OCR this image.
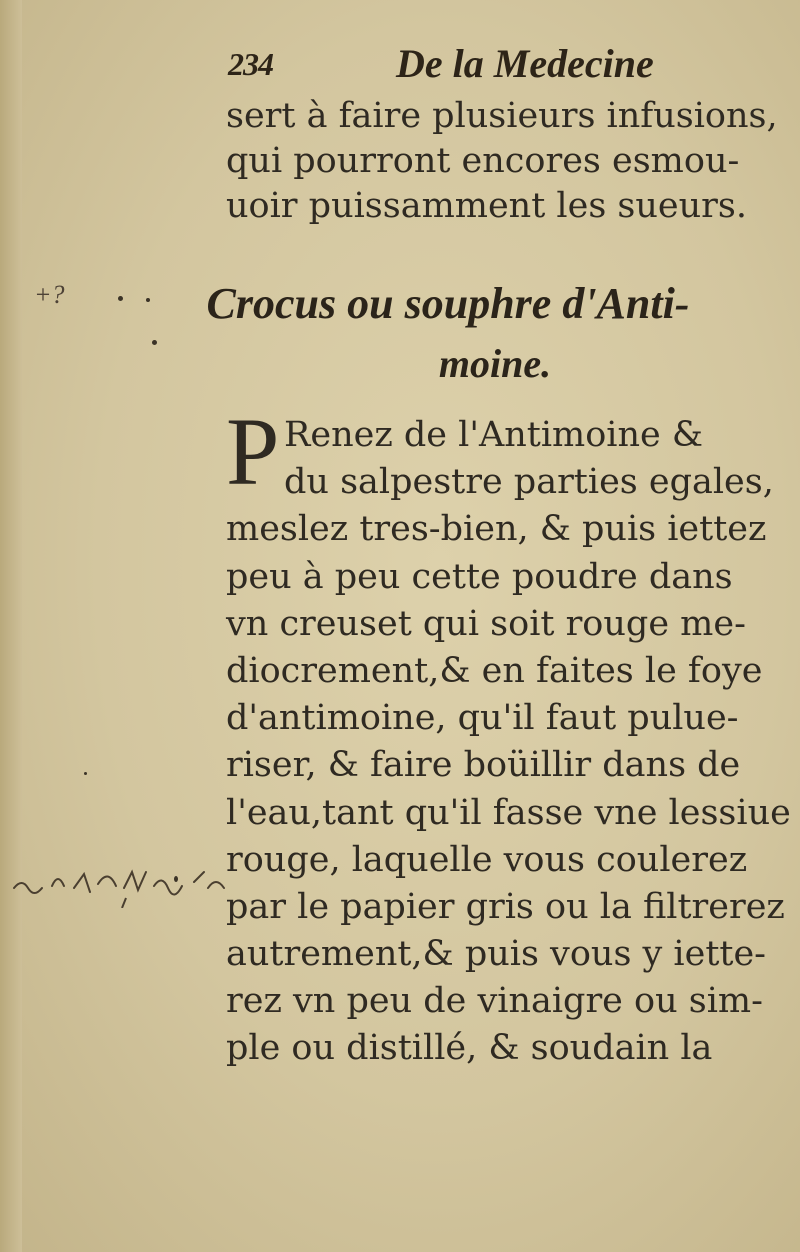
234	De la Medecine
sert à faire plusieurs infusions,
qui pourront encores esmou-
uoir puissamment les sueurs.
+?	Crocus ou souphre d'Anti-
moine.
P Renez de l'Antimoine &
du salpestre parties egales,
meslez tres-bien, & puis iettez
peu à peu cette poudre dans
vn creuset qui soit rouge me-
diocrement,& en faites le foye
d'antimoine, qu'il faut pulue-
riser, & faire boüillir dans de
l'eau,tant qu'il fasse vne lessiue
rouge, laquelle vous coulerez
par le papier gris ou la filtrerez
autrement,& puis vous y iette-
rez vn peu de vinaigre ou sim-
ple ou distillé, & soudain la
